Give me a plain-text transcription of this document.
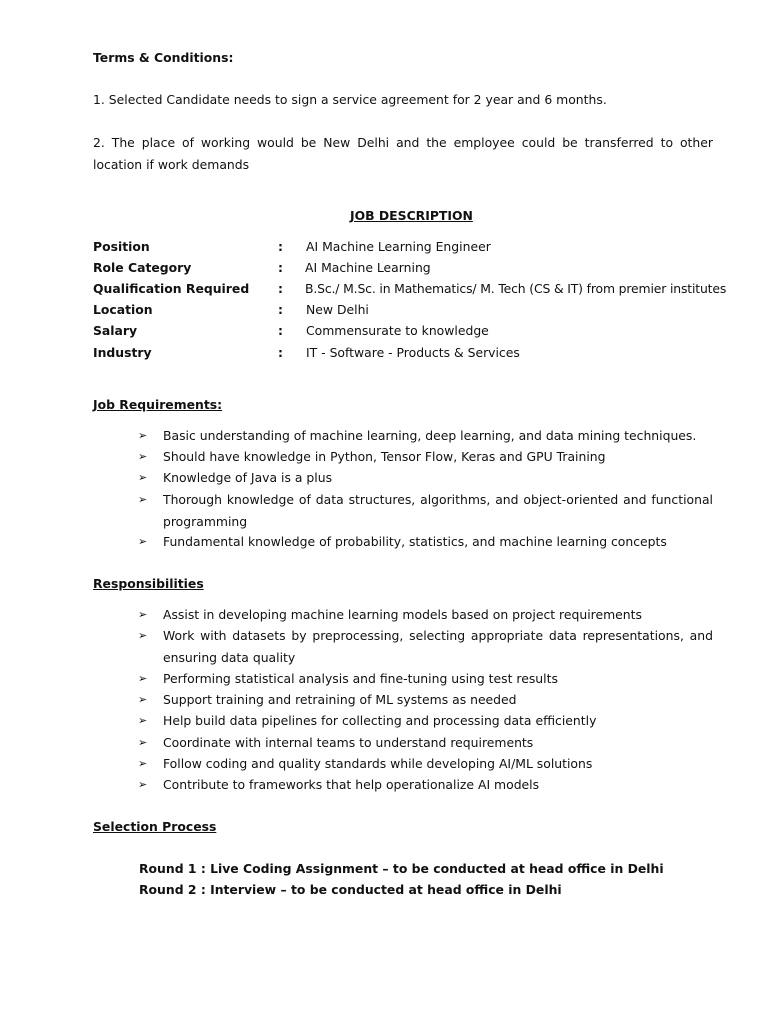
Terms & Conditions:
1. Selected Candidate needs to sign a service agreement for 2 year and 6 months.
2. The place of working would be New Delhi and the employee could be transferred to other location if work demands
JOB DESCRIPTION
Position	: AI Machine Learning Engineer
Role Category	: AI Machine Learning
Qualification Required : B.Sc./ M.Sc. in Mathematics/ M. Tech (CS & IT) from premier institutes
Location	: New Delhi
Salary	: Commensurate to knowledge
Industry	: IT - Software - Products & Services
Job Requirements:
➢ Basic understanding of machine learning, deep learning, and data mining techniques.
➢ Should have knowledge in Python, Tensor Flow, Keras and GPU Training
➢ Knowledge of Java is a plus
➢ Thorough knowledge of data structures, algorithms, and object-oriented and functional programming
➢ Fundamental knowledge of probability, statistics, and machine learning concepts
Responsibilities
➢ Assist in developing machine learning models based on project requirements
➢ Work with datasets by preprocessing, selecting appropriate data representations, and ensuring data quality
➢ Performing statistical analysis and fine-tuning using test results
➢ Support training and retraining of ML systems as needed
➢ Help build data pipelines for collecting and processing data efficiently
➢ Coordinate with internal teams to understand requirements
➢ Follow coding and quality standards while developing AI/ML solutions
➢ Contribute to frameworks that help operationalize AI models
Selection Process
Round 1 : Live Coding Assignment – to be conducted at head office in Delhi
Round 2 : Interview – to be conducted at head office in Delhi
